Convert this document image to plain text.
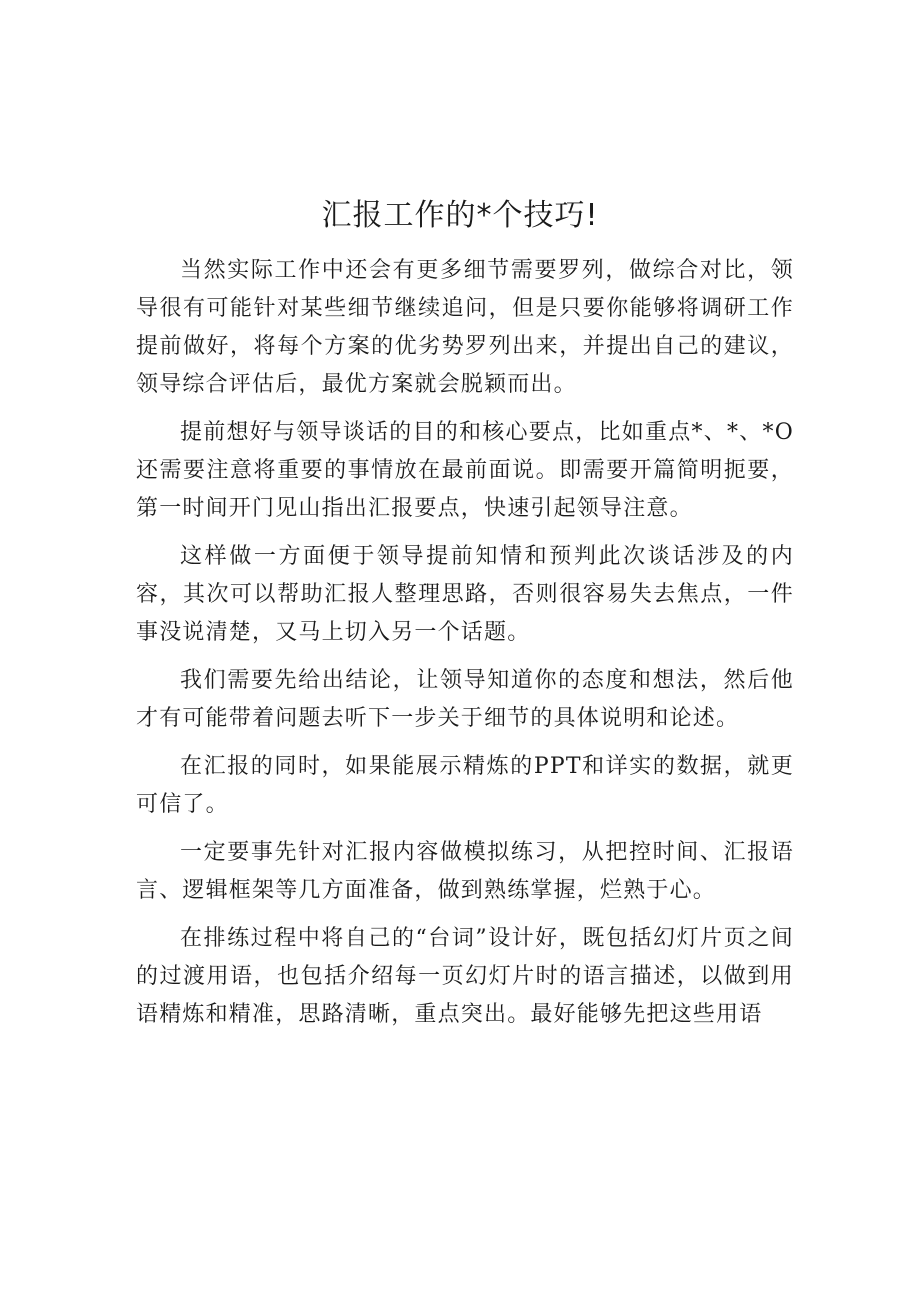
汇报工作的*个技巧!

当然实际工作中还会有更多细节需要罗列，做综合对比，领导很有可能针对某些细节继续追问，但是只要你能够将调研工作提前做好，将每个方案的优劣势罗列出来，并提出自己的建议，领导综合评估后，最优方案就会脱颖而出。

提前想好与领导谈话的目的和核心要点，比如重点*、*、*O还需要注意将重要的事情放在最前面说。即需要开篇简明扼要，第一时间开门见山指出汇报要点，快速引起领导注意。

这样做一方面便于领导提前知情和预判此次谈话涉及的内容，其次可以帮助汇报人整理思路，否则很容易失去焦点，一件事没说清楚，又马上切入另一个话题。

我们需要先给出结论，让领导知道你的态度和想法，然后他才有可能带着问题去听下一步关于细节的具体说明和论述。

在汇报的同时，如果能展示精炼的PPT和详实的数据，就更可信了。

一定要事先针对汇报内容做模拟练习，从把控时间、汇报语言、逻辑框架等几方面准备，做到熟练掌握，烂熟于心。

在排练过程中将自己的“台词”设计好，既包括幻灯片页之间的过渡用语，也包括介绍每一页幻灯片时的语言描述，以做到用语精炼和精准，思路清晰，重点突出。最好能够先把这些用语
